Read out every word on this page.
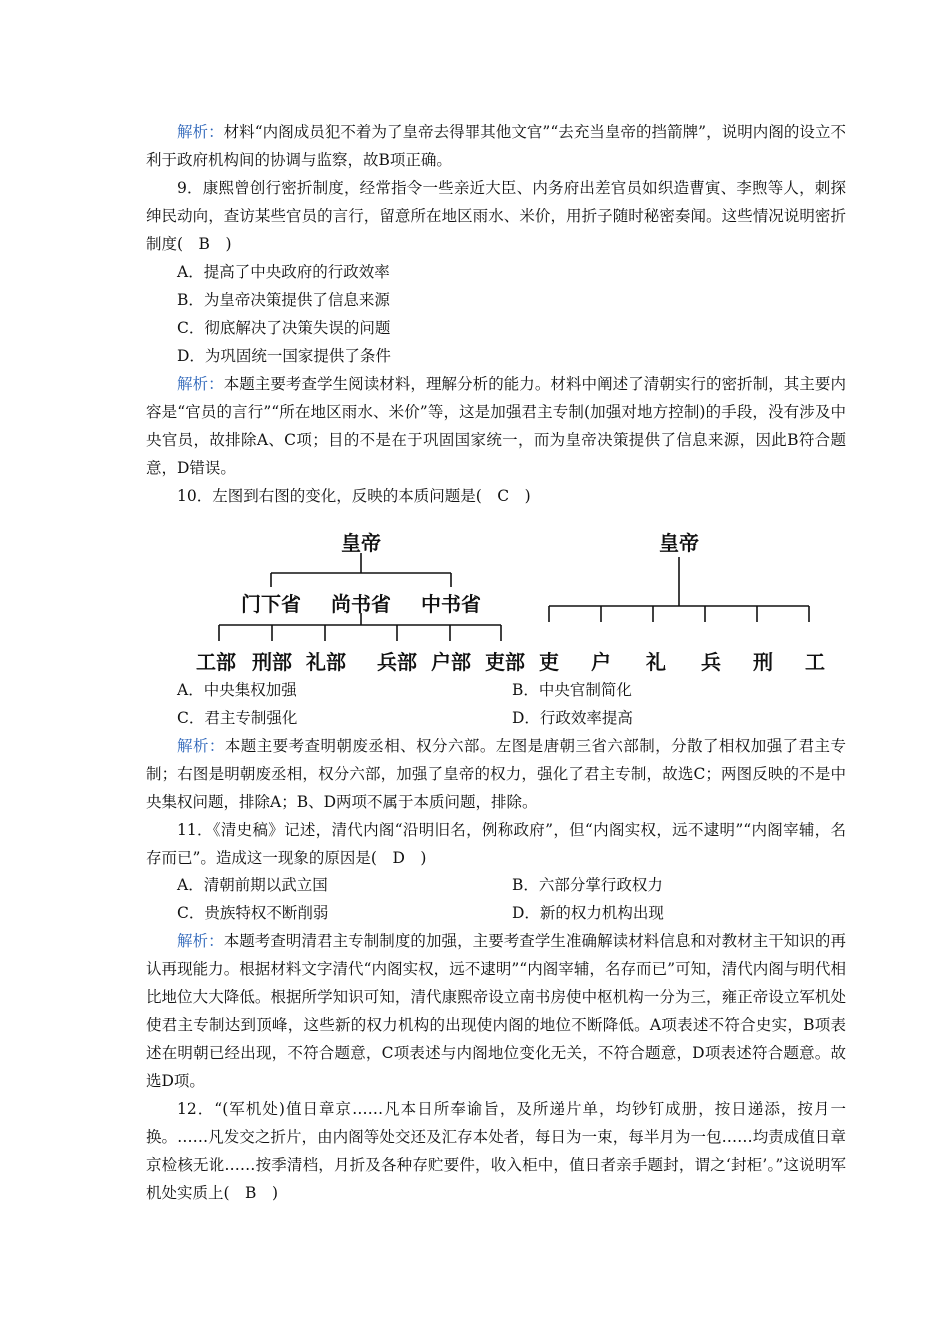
解析：材料“内阁成员犯不着为了皇帝去得罪其他文官”“去充当皇帝的挡箭牌”，说明内阁的设立不利于政府机构间的协调与监察，故B项正确。

9．康熙曾创行密折制度，经常指令一些亲近大臣、内务府出差官员如织造曹寅、李煦等人，刺探绅民动向，查访某些官员的言行，留意所在地区雨水、米价，用折子随时秘密奏闻。这些情况说明密折制度(　B　)

A．提高了中央政府的行政效率

B．为皇帝决策提供了信息来源

C．彻底解决了决策失误的问题

D．为巩固统一国家提供了条件

解析：本题主要考查学生阅读材料，理解分析的能力。材料中阐述了清朝实行的密折制，其主要内容是“官员的言行”“所在地区雨水、米价”等，这是加强君主专制(加强对地方控制)的手段，没有涉及中央官员，故排除A、C项；目的不是在于巩固国家统一，而为皇帝决策提供了信息来源，因此B符合题意，D错误。

10．左图到右图的变化，反映的本质问题是(　C　)

皇帝
门下省 尚书省 中书省
工部 刑部 礼部 兵部 户部 吏部
皇帝
吏 户 礼 兵 刑 工

A．中央集权加强	B．中央官制简化

C．君主专制强化	D．行政效率提高

解析：本题主要考查明朝废丞相、权分六部。左图是唐朝三省六部制，分散了相权加强了君主专制；右图是明朝废丞相，权分六部，加强了皇帝的权力，强化了君主专制，故选C；两图反映的不是中央集权问题，排除A；B、D两项不属于本质问题，排除。

11．《清史稿》记述，清代内阁“沿明旧名，例称政府”，但“内阁实权，远不逮明”“内阁宰辅，名存而已”。造成这一现象的原因是(　D　)

A．清朝前期以武立国	B．六部分掌行政权力

C．贵族特权不断削弱	D．新的权力机构出现

解析：本题考查明清君主专制制度的加强，主要考查学生准确解读材料信息和对教材主干知识的再认再现能力。根据材料文字清代“内阁实权，远不逮明”“内阁宰辅，名存而已”可知，清代内阁与明代相比地位大大降低。根据所学知识可知，清代康熙帝设立南书房使中枢机构一分为三，雍正帝设立军机处使君主专制达到顶峰，这些新的权力机构的出现使内阁的地位不断降低。A项表述不符合史实，B项表述在明朝已经出现，不符合题意，C项表述与内阁地位变化无关，不符合题意，D项表述符合题意。故选D项。

12．“(军机处)值日章京……凡本日所奉谕旨，及所递片单，均钞钉成册，按日递添，按月一换。……凡发交之折片，由内阁等处交还及汇存本处者，每日为一束，每半月为一包……均责成值日章京检核无讹……按季清档，月折及各种存贮要件，收入柜中，值日者亲手题封，谓之‘封柜’。”这说明军机处实质上(　B　)
